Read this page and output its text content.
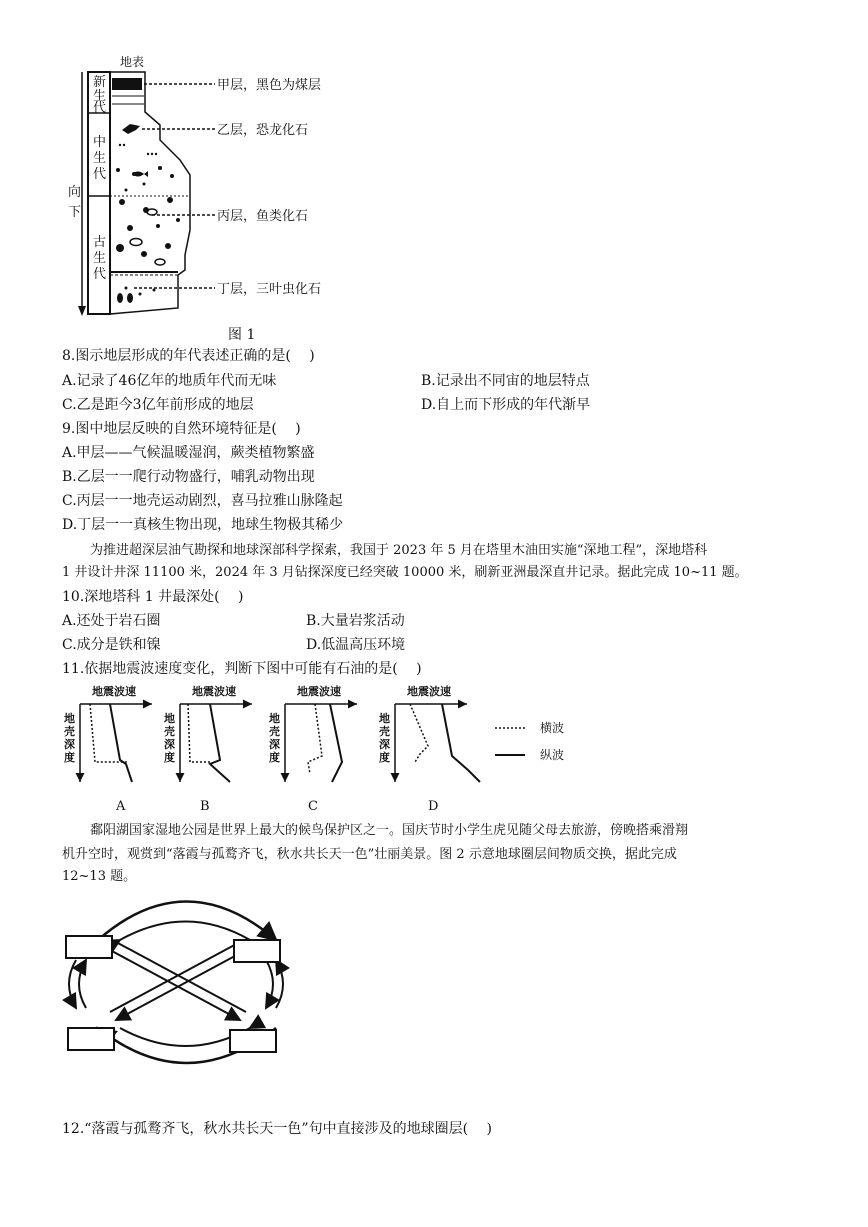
地表
新
生
代
中
生
代
古
生
代
向
下
甲层，黑色为煤层
乙层，恐龙化石
丙层，鱼类化石
丁层，三叶虫化石
图 1
8.图示地层形成的年代表述正确的是(　 )
A.记录了46亿年的地质年代而无味	B.记录出不同宙的地层特点
C.乙是距今3亿年前形成的地层	D.自上而下形成的年代渐早
9.图中地层反映的自然环境特征是(　 )
A.甲层——气候温暖湿润，蕨类植物繁盛
B.乙层一一爬行动物盛行，哺乳动物出现
C.丙层一一地壳运动剧烈，喜马拉雅山脉隆起
D.丁层一一真核生物出现，地球生物极其稀少
为推进超深层油气勘探和地球深部科学探索，我国于 2023 年 5 月在塔里木油田实施“深地工程”，深地塔科
1 井设计井深 11100 米，2024 年 3 月钻探深度已经突破 10000 米，刷新亚洲最深直井记录。据此完成 10~11 题。
10.深地塔科 1 井最深处(　 )
A.还处于岩石圈	B.大量岩浆活动
C.成分是铁和镍	D.低温高压环境
11.依据地震波速度变化，判断下图中可能有石油的是(　 )
地震波速
地
壳
深
度
A
地震波速
地
壳
深
度
B
地震波速
地
壳
深
度
C
地震波速
地
壳
深
度
D
横波
纵波
鄱阳湖国家湿地公园是世界上最大的候鸟保护区之一。国庆节时小学生虎见随父母去旅游，傍晚搭乘滑翔
机升空时，观赏到“落霞与孤鹜齐飞，秋水共长天一色”壮丽美景。图 2 示意地球圈层间物质交换，据此完成
12~13 题。
12.“落霞与孤鹜齐飞，秋水共长天一色”句中直接涉及的地球圈层(　 )
